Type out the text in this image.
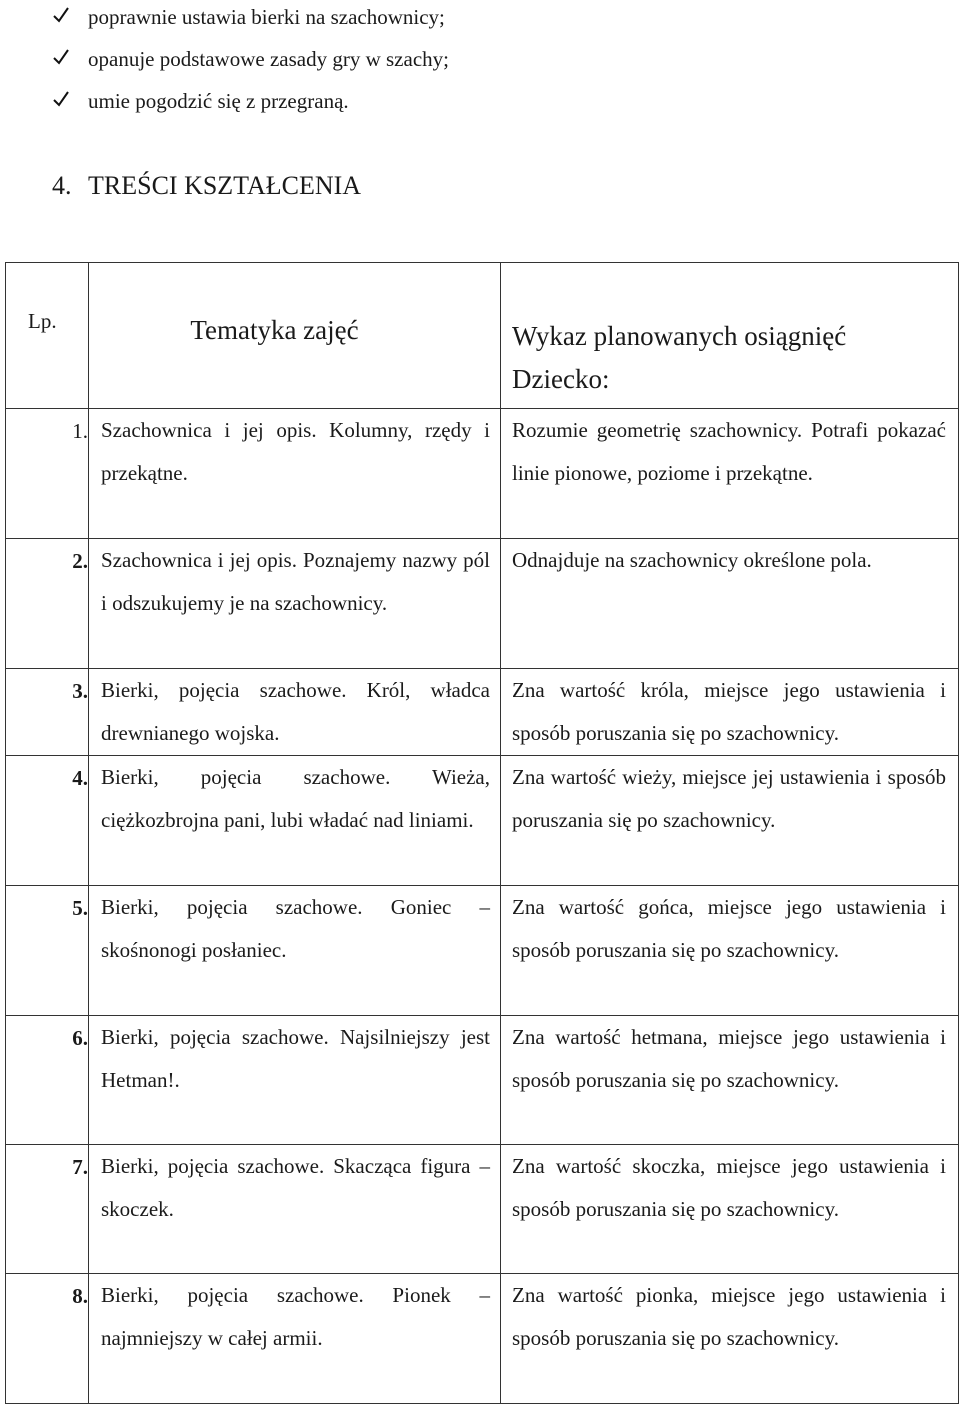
poprawnie ustawia bierki na szachownicy;
opanuje podstawowe zasady gry w szachy;
umie pogodzić się z przegraną.
4. TREŚCI KSZTAŁCENIA
Lp.	Tematyka zajęć	Wykaz planowanych osiągnięć
Dziecko:

1.	Szachownica i jej opis. Kolumny, rzędy i przekątne.	Rozumie geometrię szachownicy. Potrafi pokazać linie pionowe, poziome i przekątne.

2.	Szachownica i jej opis. Poznajemy nazwy pól i odszukujemy je na szachownicy.	Odnajduje na szachownicy określone pola.

3.	Bierki, pojęcia szachowe. Król, władca drewnianego wojska.	Zna wartość króla, miejsce jego ustawienia i sposób poruszania się po szachownicy.

4.	Bierki, pojęcia szachowe. Wieża, ciężkozbrojna pani, lubi władać nad liniami.	Zna wartość wieży, miejsce jej ustawienia i sposób poruszania się po szachownicy.

5.	Bierki, pojęcia szachowe. Goniec – skośnonogi posłaniec.	Zna wartość gońca, miejsce jego ustawienia i sposób poruszania się po szachownicy.

6.	Bierki, pojęcia szachowe. Najsilniejszy jest Hetman!.	Zna wartość hetmana, miejsce jego ustawienia i sposób poruszania się po szachownicy.

7.	Bierki, pojęcia szachowe. Skacząca figura – skoczek.	Zna wartość skoczka, miejsce jego ustawienia i sposób poruszania się po szachownicy.

8.	Bierki, pojęcia szachowe. Pionek – najmniejszy w całej armii.	Zna wartość pionka, miejsce jego ustawienia i sposób poruszania się po szachownicy.
